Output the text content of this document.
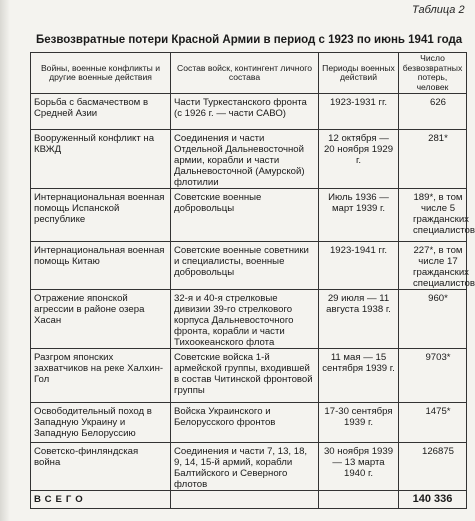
Таблица 2
Безвозвратные потери Красной Армии в период с 1923 по июнь 1941 года
Войны, военные конфликты и другие военные действия	Состав войск, контингент личного состава	Периоды военных действий	Число безвозвратных потерь, человек
Борьба с басмачеством в Средней Азии	Части Туркестанского фронта (с 1926 г. — части САВО)	1923-1931 гг.	626
Вооруженный конфликт на КВЖД	Соединения и части Отдельной Дальневосточной армии, корабли и части Дальневосточной (Амурской) флотилии	12 октября — 20 ноября 1929 г.	281*
Интернациональная военная помощь Испанской республике	Советские военные добровольцы	Июль 1936 — март 1939 г.	189*, в том числе 5 гражданских специалистов
Интернациональная военная помощь Китаю	Советские военные советники и специалисты, военные добровольцы	1923-1941 гг.	227*, в том числе 17 гражданских специалистов
Отражение японской агрессии в районе озера Хасан	32-я и 40-я стрелковые дивизии 39-го стрелкового корпуса Дальневосточного фронта, корабли и части Тихоокеанского флота	29 июля — 11 августа 1938 г.	960*
Разгром японских захватчиков на реке Халхин-Гол	Советские войска 1-й армейской группы, входившей в состав Читинской фронтовой группы	11 мая — 15 сентября 1939 г.	9703*
Освободительный поход в Западную Украину и Западную Белоруссию	Войска Украинского и Белорусского фронтов	17-30 сентября 1939 г.	1475*
Советско-финляндская война	Соединения и части 7, 13, 18, 9, 14, 15-й армий, корабли Балтийского и Северного флотов	30 ноября 1939 — 13 марта 1940 г.	126875
ВСЕГО			140 336
